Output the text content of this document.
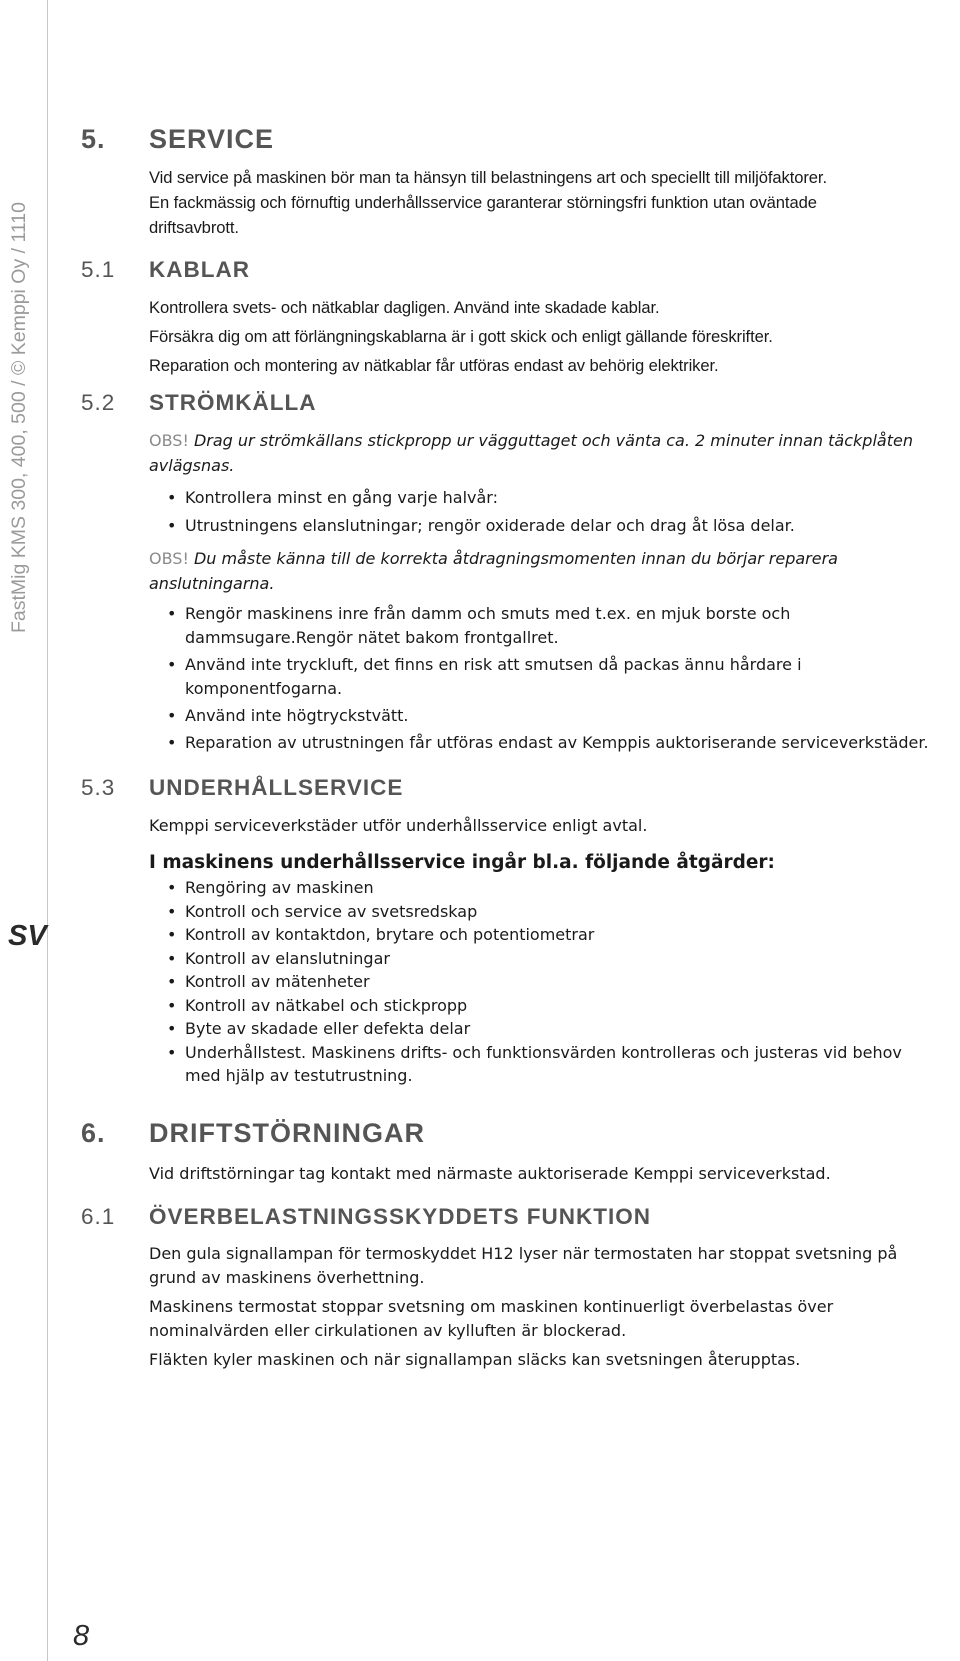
FastMig KMS 300, 400, 500 / © Kemppi Oy / 1110
SV
8
5.	SERVICE

Vid service på maskinen bör man ta hänsyn till belastningens art och speciellt till miljöfaktorer.

En fackmässig och förnuftig underhållsservice garanterar störningsfri funktion utan oväntade

driftsavbrott.

5.1	KABLAR

Kontrollera svets- och nätkablar dagligen. Använd inte skadade kablar.

Försäkra dig om att förlängningskablarna är i gott skick och enligt gällande föreskrifter.

Reparation och montering av nätkablar får utföras endast av behörig elektriker.

5.2	STRÖMKÄLLA

OBS! Drag ur strömkällans stickpropp ur vägguttaget och vänta ca. 2 minuter innan täckplåten avlägsnas.

• Kontrollera minst en gång varje halvår:
• Utrustningens elanslutningar; rengör oxiderade delar och drag åt lösa delar.

OBS! Du måste känna till de korrekta åtdragningsmomenten innan du börjar reparera anslutningarna.

• Rengör maskinens inre från damm och smuts med t.ex. en mjuk borste och dammsugare.Rengör nätet bakom frontgallret.
• Använd inte tryckluft, det finns en risk att smutsen då packas ännu hårdare i komponentfogarna.
• Använd inte högtryckstvätt.
• Reparation av utrustningen får utföras endast av Kemppis auktoriserande serviceverkstäder.
5.3	UNDERHÅLLSERVICE

Kemppi serviceverkstäder utför underhållsservice enligt avtal.

I maskinens underhållsservice ingår bl.a. följande åtgärder:

• Rengöring av maskinen
• Kontroll och service av svetsredskap
• Kontroll av kontaktdon, brytare och potentiometrar
• Kontroll av elanslutningar
• Kontroll av mätenheter
• Kontroll av nätkabel och stickpropp
• Byte av skadade eller defekta delar
• Underhållstest. Maskinens drifts- och funktionsvärden kontrolleras och justeras vid behov med hjälp av testutrustning.
6.	DRIFTSTÖRNINGAR

Vid driftstörningar tag kontakt med närmaste auktoriserade Kemppi serviceverkstad.

6.1	ÖVERBELASTNINGSSKYDDETS FUNKTION

Den gula signallampan för termoskyddet H12 lyser när termostaten har stoppat svetsning på grund av maskinens överhettning.

Maskinens termostat stoppar svetsning om maskinen kontinuerligt överbelastas över nominalvärden eller cirkulationen av kylluften är blockerad.

Fläkten kyler maskinen och när signallampan släcks kan svetsningen återupptas.
